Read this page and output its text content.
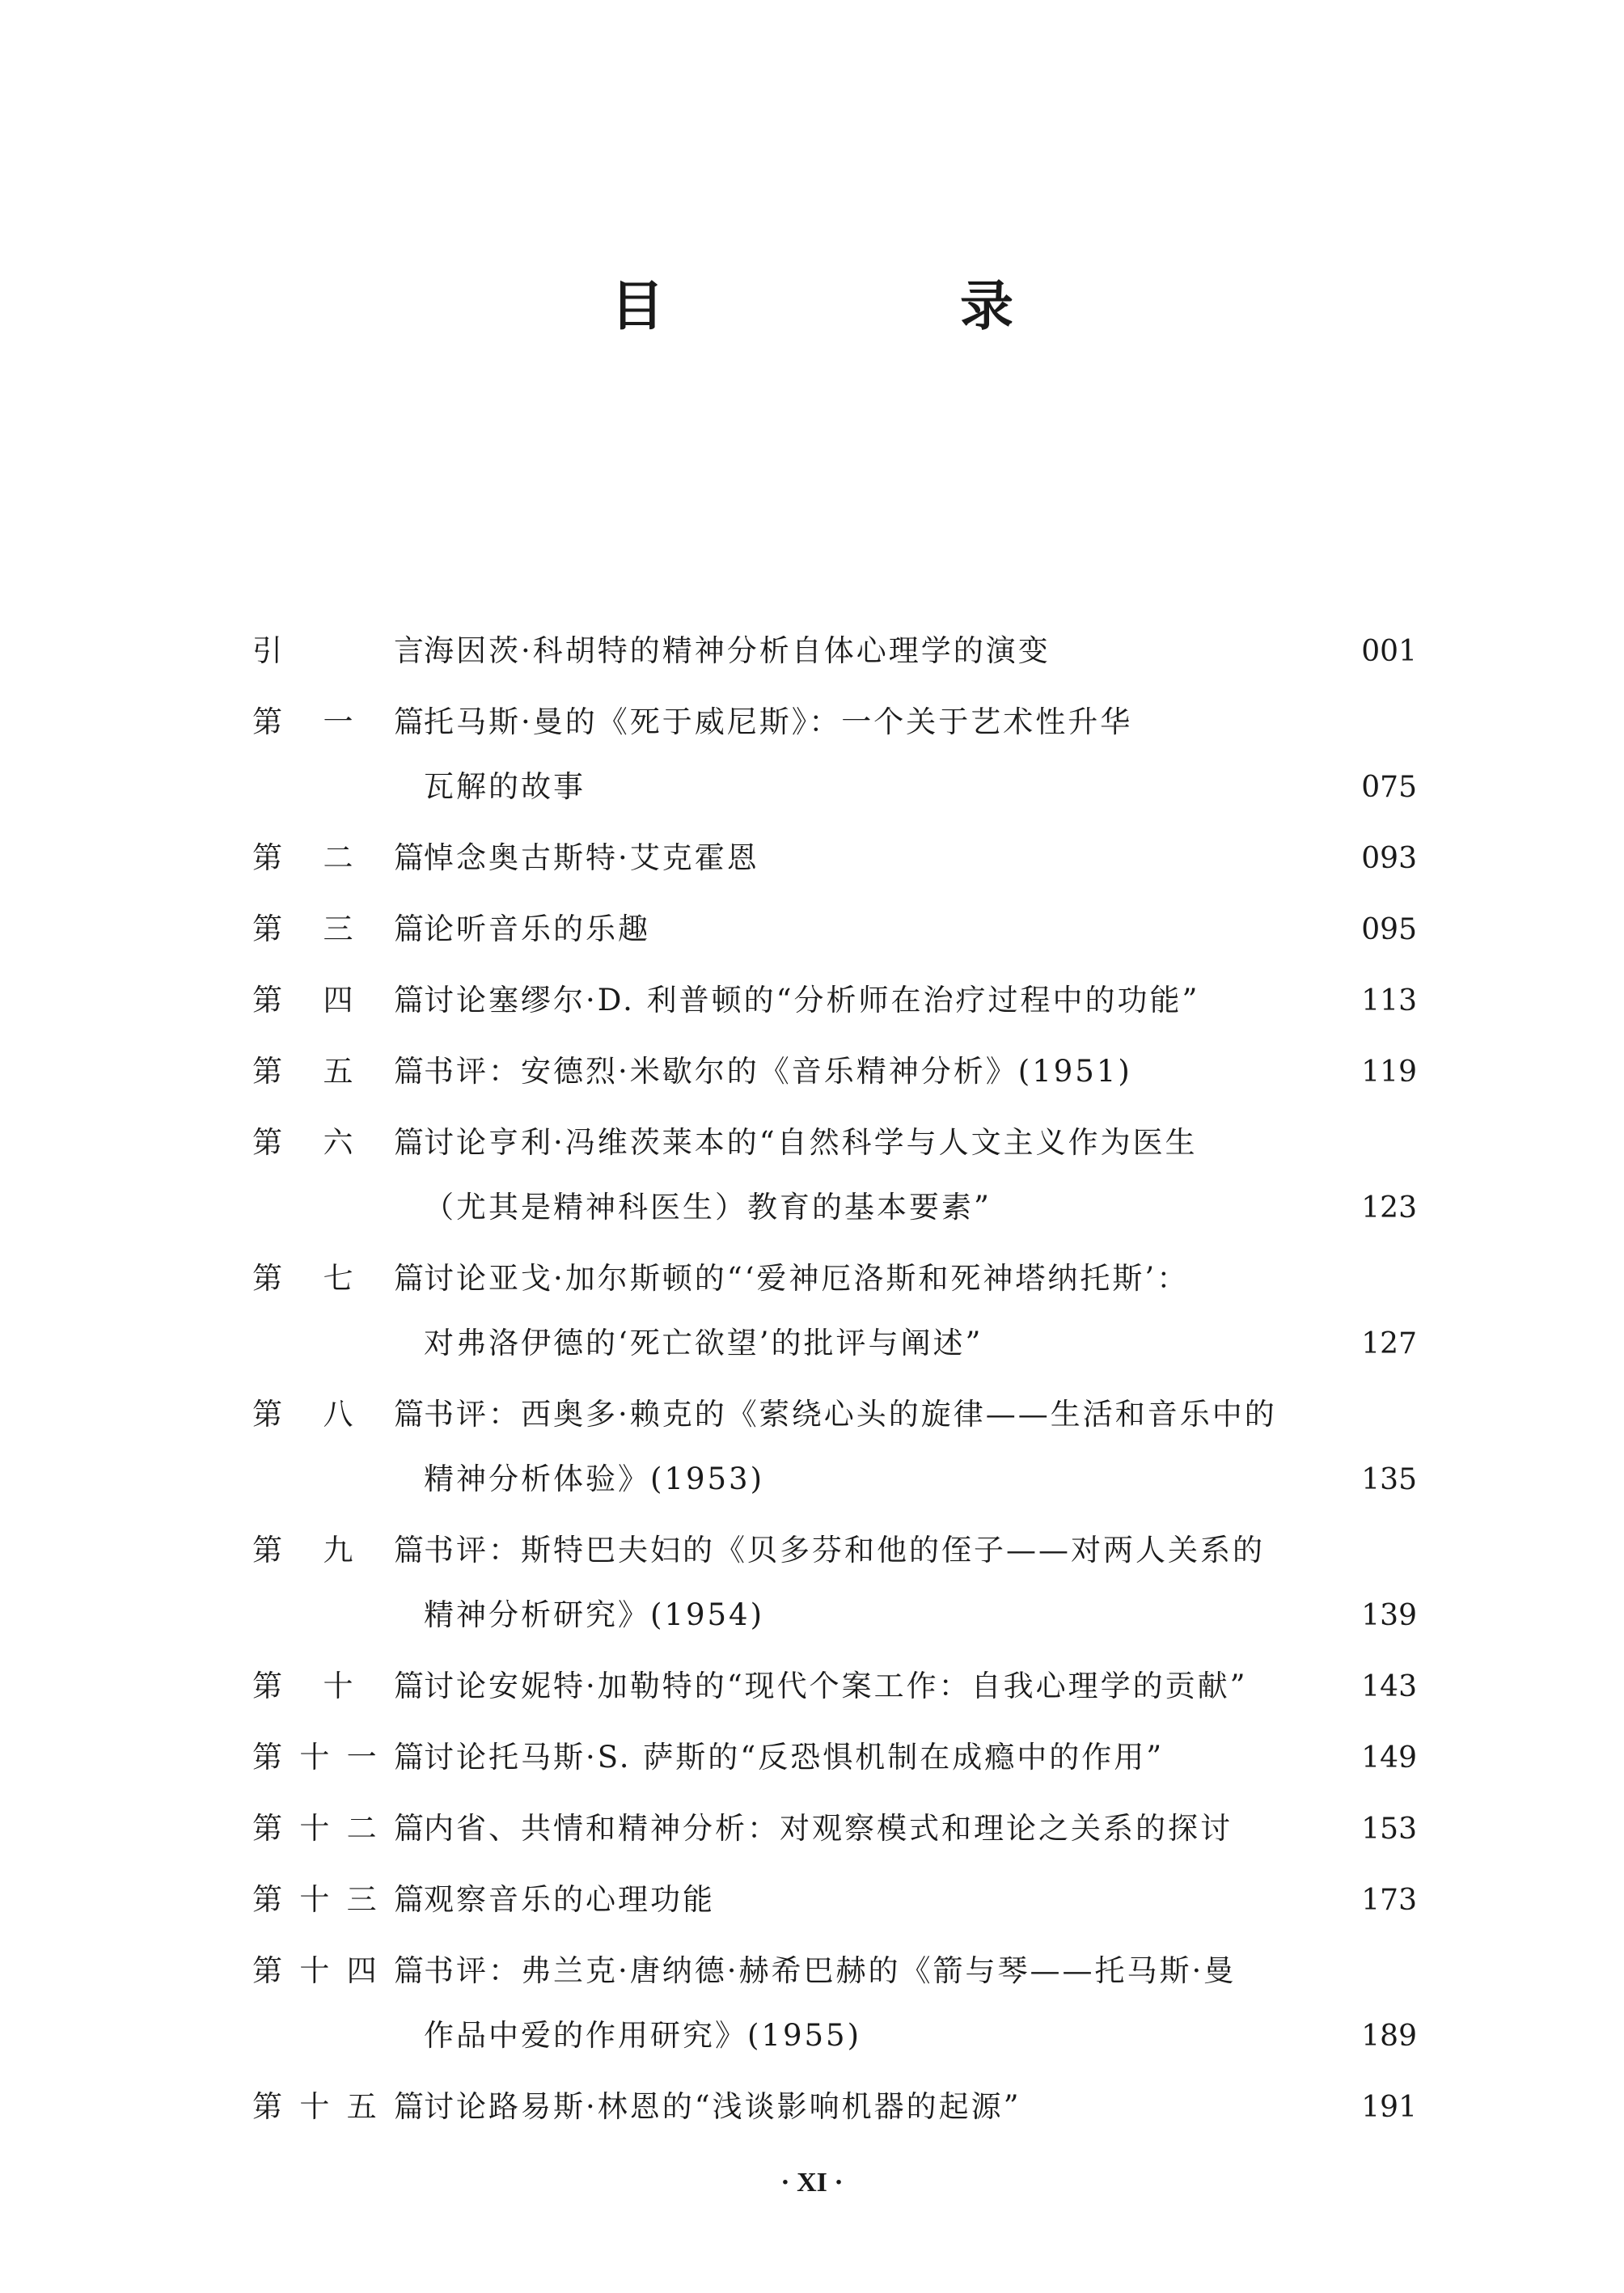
目　录
引	言 海因茨·科胡特的精神分析自体心理学的演变	001
第 一 篇 托马斯·曼的《死于威尼斯》：一个关于艺术性升华
瓦解的故事	075
第 二 篇 悼念奥古斯特·艾克霍恩	093
第 三 篇 论听音乐的乐趣	095
第 四 篇 讨论塞缪尔·D. 利普顿的“分析师在治疗过程中的功能”	113
第 五 篇 书评：安德烈·米歇尔的《音乐精神分析》(1951)	119
第 六 篇 讨论亨利·冯维茨莱本的“自然科学与人文主义作为医生
（尤其是精神科医生）教育的基本要素”	123
第 七 篇 讨论亚戈·加尔斯顿的“‘爱神厄洛斯和死神塔纳托斯’：
对弗洛伊德的‘死亡欲望’的批评与阐述”	127
第 八 篇 书评：西奥多·赖克的《萦绕心头的旋律——生活和音乐中的
精神分析体验》(1953)	135
第 九 篇 书评：斯特巴夫妇的《贝多芬和他的侄子——对两人关系的
精神分析研究》(1954)	139
第 十 篇 讨论安妮特·加勒特的“现代个案工作：自我心理学的贡献”	143
第 十 一 篇 讨论托马斯·S. 萨斯的“反恐惧机制在成瘾中的作用”	149
第 十 二 篇 内省、共情和精神分析：对观察模式和理论之关系的探讨	153
第 十 三 篇 观察音乐的心理功能	173
第 十 四 篇 书评：弗兰克·唐纳德·赫希巴赫的《箭与琴——托马斯·曼
作品中爱的作用研究》(1955)	189
第 十 五 篇 讨论路易斯·林恩的“浅谈影响机器的起源”	191
· XI ·
